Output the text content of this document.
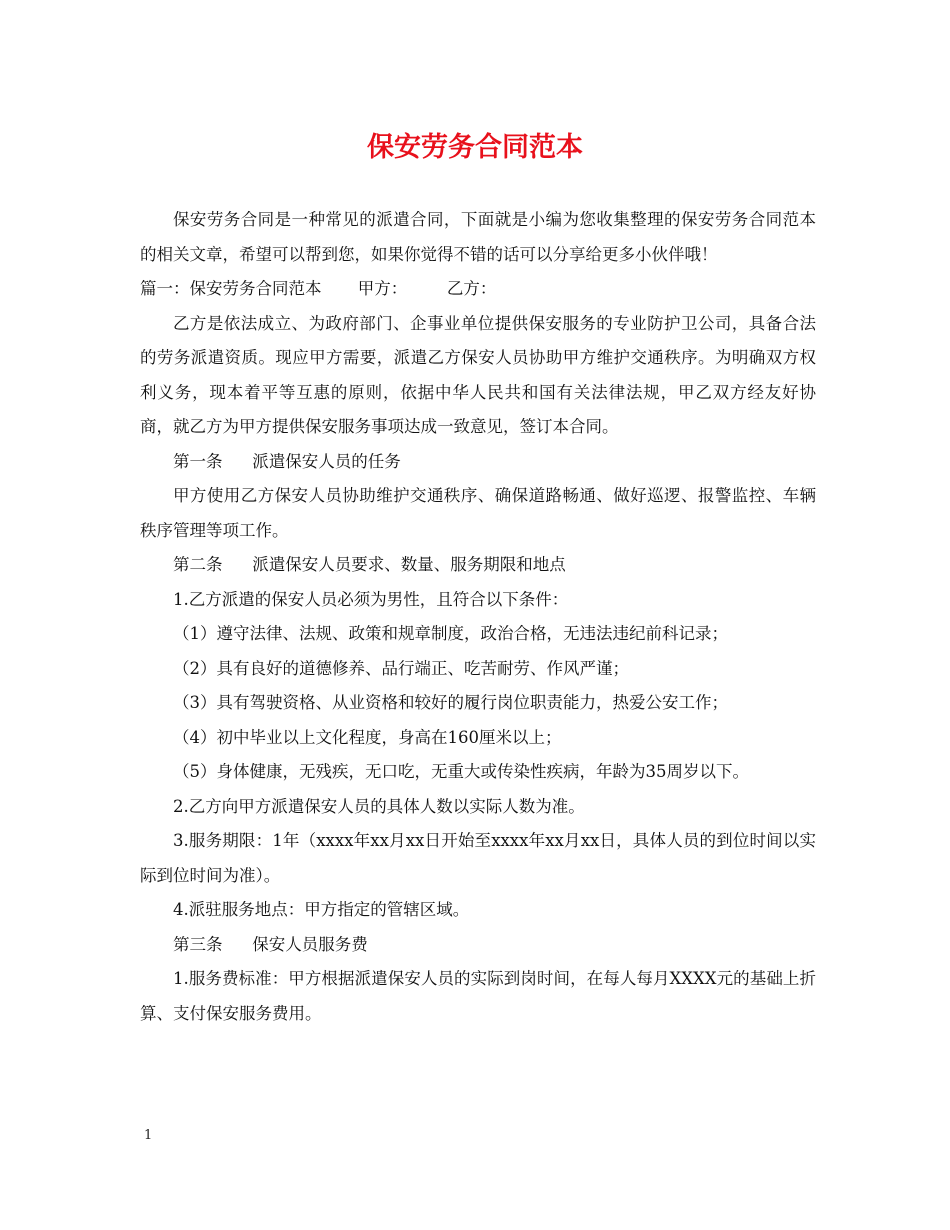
保安劳务合同范本

保安劳务合同是一种常见的派遣合同，下面就是小编为您收集整理的保安劳务合同范本的相关文章，希望可以帮到您，如果你觉得不错的话可以分享给更多小伙伴哦！

篇一：保安劳务合同范本 甲方： 乙方：

乙方是依法成立、为政府部门、企事业单位提供保安服务的专业防护卫公司，具备合法的劳务派遣资质。现应甲方需要，派遣乙方保安人员协助甲方维护交通秩序。为明确双方权利义务，现本着平等互惠的原则，依据中华人民共和国有关法律法规，甲乙双方经友好协商，就乙方为甲方提供保安服务事项达成一致意见，签订本合同。

第一条 派遣保安人员的任务

甲方使用乙方保安人员协助维护交通秩序、确保道路畅通、做好巡逻、报警监控、车辆秩序管理等项工作。

第二条 派遣保安人员要求、数量、服务期限和地点

1.乙方派遣的保安人员必须为男性，且符合以下条件：

（1）遵守法律、法规、政策和规章制度，政治合格，无违法违纪前科记录；

（2）具有良好的道德修养、品行端正、吃苦耐劳、作风严谨；

（3）具有驾驶资格、从业资格和较好的履行岗位职责能力，热爱公安工作；

（4）初中毕业以上文化程度，身高在160厘米以上；

（5）身体健康，无残疾，无口吃，无重大或传染性疾病，年龄为35周岁以下。

2.乙方向甲方派遣保安人员的具体人数以实际人数为准。

3.服务期限：1年（xxxx年xx月xx日开始至xxxx年xx月xx日，具体人员的到位时间以实际到位时间为准）。

4.派驻服务地点：甲方指定的管辖区域。

第三条 保安人员服务费

1.服务费标准：甲方根据派遣保安人员的实际到岗时间，在每人每月XXXX元的基础上折算、支付保安服务费用。

1
